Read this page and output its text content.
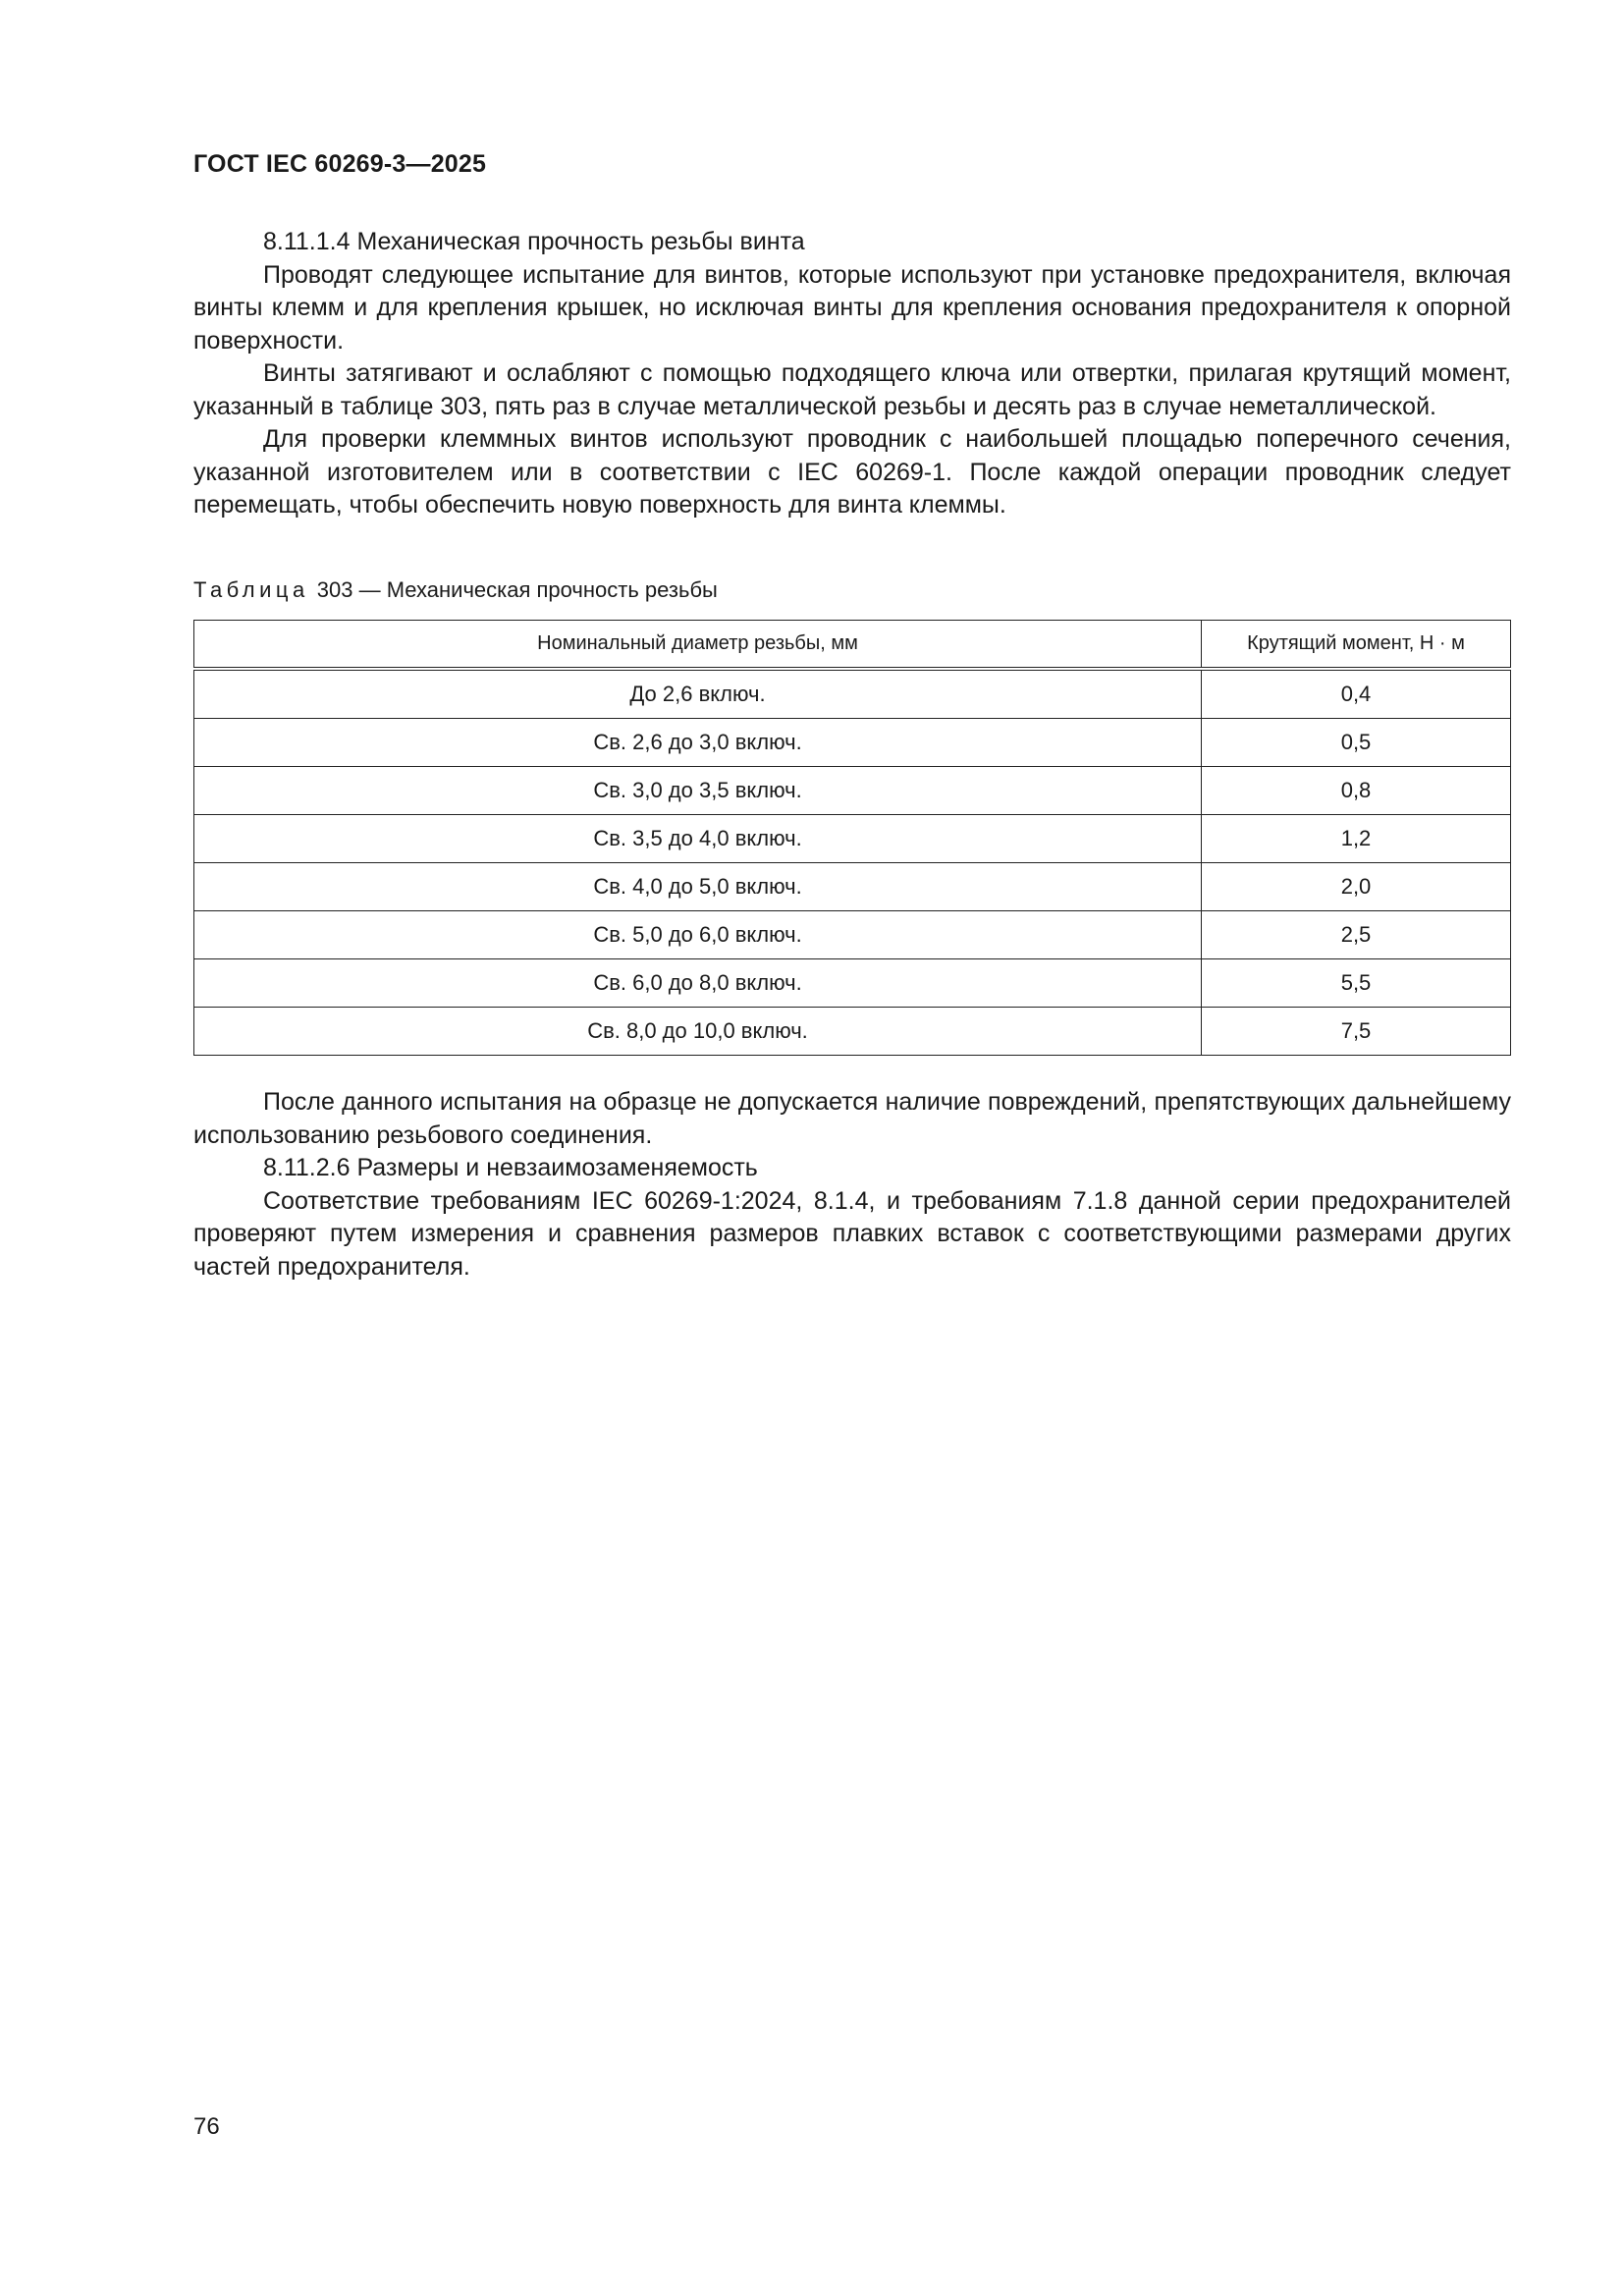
ГОСТ IEC 60269-3—2025

8.11.1.4 Механическая прочность резьбы винта

Проводят следующее испытание для винтов, которые используют при установке предохранителя, включая винты клемм и для крепления крышек, но исключая винты для крепления основания предохранителя к опорной поверхности.

Винты затягивают и ослабляют с помощью подходящего ключа или отвертки, прилагая крутящий момент, указанный в таблице 303, пять раз в случае металлической резьбы и десять раз в случае неметаллической.

Для проверки клеммных винтов используют проводник с наибольшей площадью поперечного сечения, указанной изготовителем или в соответствии с IEC 60269-1. После каждой операции проводник следует перемещать, чтобы обеспечить новую поверхность для винта клеммы.

Таблица 303 — Механическая прочность резьбы
Номинальный диаметр резьбы, мм	Крутящий момент, Н · м
До 2,6 включ.	0,4
Св. 2,6 до 3,0 включ.	0,5
Св. 3,0 до 3,5 включ.	0,8
Св. 3,5 до 4,0 включ.	1,2
Св. 4,0 до 5,0 включ.	2,0
Св. 5,0 до 6,0 включ.	2,5
Св. 6,0 до 8,0 включ.	5,5
Св. 8,0 до 10,0 включ.	7,5

После данного испытания на образце не допускается наличие повреждений, препятствующих дальнейшему использованию резьбового соединения.

8.11.2.6 Размеры и невзаимозаменяемость

Соответствие требованиям IEC 60269-1:2024, 8.1.4, и требованиям 7.1.8 данной серии предохранителей проверяют путем измерения и сравнения размеров плавких вставок с соответствующими размерами других частей предохранителя.

76
